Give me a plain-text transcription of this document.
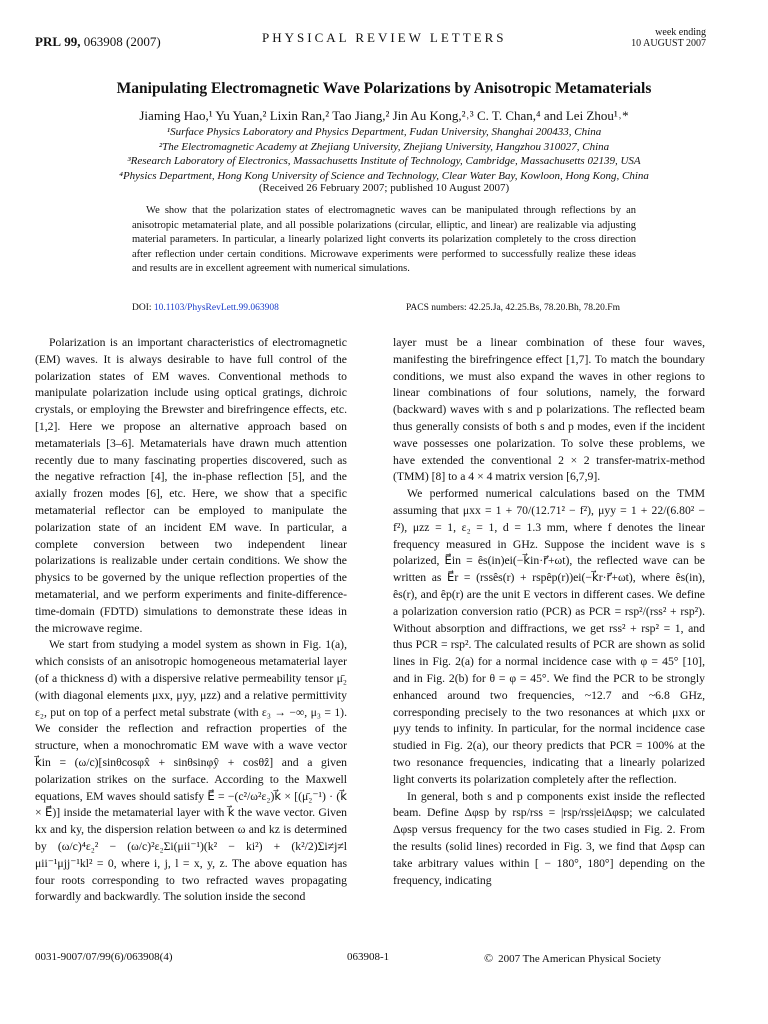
PRL 99, 063908 (2007)	PHYSICAL REVIEW LETTERS	week ending
10 AUGUST 2007
Manipulating Electromagnetic Wave Polarizations by Anisotropic Metamaterials
Jiaming Hao,¹ Yu Yuan,² Lixin Ran,² Tao Jiang,² Jin Au Kong,²˒³ C. T. Chan,⁴ and Lei Zhou¹˒*
¹Surface Physics Laboratory and Physics Department, Fudan University, Shanghai 200433, China
²The Electromagnetic Academy at Zhejiang University, Zhejiang University, Hangzhou 310027, China
³Research Laboratory of Electronics, Massachusetts Institute of Technology, Cambridge, Massachusetts 02139, USA
⁴Physics Department, Hong Kong University of Science and Technology, Clear Water Bay, Kowloon, Hong Kong, China
(Received 26 February 2007; published 10 August 2007)
We show that the polarization states of electromagnetic waves can be manipulated through reflections by an anisotropic metamaterial plate, and all possible polarizations (circular, elliptic, and linear) are realizable via adjusting material parameters. In particular, a linearly polarized light converts its polarization completely to the cross direction after reflection under certain conditions. Microwave experiments were performed to successfully realize these ideas and results are in excellent agreement with numerical simulations.
DOI: 10.1103/PhysRevLett.99.063908	PACS numbers: 42.25.Ja, 42.25.Bs, 78.20.Bh, 78.20.Fm

Polarization is an important characteristics of electromagnetic (EM) waves. It is always desirable to have full control of the polarization states of EM waves. Conventional methods to manipulate polarization include using optical gratings, dichroic crystals, or employing the Brewster and birefringence effects, etc. [1,2]. Here we propose an alternative approach based on metamaterials [3–6]. Metamaterials have drawn much attention recently due to many fascinating properties discovered, such as the negative refraction [4], the in-phase reflection [5], and the axially frozen modes [6], etc. Here, we show that a specific metamaterial reflector can be employed to manipulate the polarization state of an incident EM wave. In particular, a complete conversion between two independent linear polarizations is realizable under certain conditions. We show the physics to be governed by the unique reflection properties of the metamaterial, and we perform experiments and finite-difference-time-domain (FDTD) simulations to demonstrate these ideas in the microwave regime.

We start from studying a model system as shown in Fig. 1(a), which consists of an anisotropic homogeneous metamaterial layer (of a thickness d) with a dispersive relative permeability tensor μ̄₂ (with diagonal elements μxx, μyy, μzz) and a relative permittivity ε₂, put on top of a perfect metal substrate (with ε₃ → −∞, μ₃ = 1). We consider the reflection and refraction properties of the structure, when a monochromatic EM wave with a wave vector k⃗in = (ω/c)[sinθcosφx̂ + sinθsinφŷ + cosθẑ] and a given polarization strikes on the surface. According to the Maxwell equations, EM waves should satisfy E⃗ = −(c²/ω²ε₂)k⃗ × [(μ̄₂⁻¹) · (k⃗ × E⃗)] inside the metamaterial layer with k⃗ the wave vector. Given kx and ky, the dispersion relation between ω and kz is determined by (ω/c)⁴ε₂² − (ω/c)²ε₂Σi(μii⁻¹)(k² − ki²) + (k²/2)Σi≠j≠l μii⁻¹μjj⁻¹kl² = 0, where i, j, l = x, y, z. The above equation has four roots corresponding to two refracted waves propagating forwardly and backwardly. The solution inside the second

layer must be a linear combination of these four waves, manifesting the birefringence effect [1,7]. To match the boundary conditions, we must also expand the waves in other regions to linear combinations of four solutions, namely, the forward (backward) waves with s and p polarizations. The reflected beam thus generally consists of both s and p modes, even if the incident wave possesses one polarization. To solve these problems, we have extended the conventional 2 × 2 transfer-matrix-method (TMM) [8] to a 4 × 4 matrix version [6,7,9].

We performed numerical calculations based on the TMM assuming that μxx = 1 + 70/(12.71² − f²), μyy = 1 + 22/(6.80² − f²), μzz = 1, ε₂ = 1, d = 1.3 mm, where f denotes the linear frequency measured in GHz. Suppose the incident wave is s polarized, E⃗in = ês(in)ei(−k⃗in·r⃗+ωt), the reflected wave can be written as E⃗r = (rssês(r) + rspêp(r))ei(−k⃗r·r⃗+ωt), where ês(in), ês(r), and êp(r) are the unit E vectors in different cases. We define a polarization conversion ratio (PCR) as PCR = rsp²/(rss² + rsp²). Without absorption and diffractions, we get rss² + rsp² = 1, and thus PCR = rsp². The calculated results of PCR are shown as solid lines in Fig. 2(a) for a normal incidence case with φ = 45° [10], and in Fig. 2(b) for θ = φ = 45°. We find the PCR to be strongly enhanced around two frequencies, ~12.7 and ~6.8 GHz, corresponding precisely to the two resonances at which μxx or μyy tends to infinity. In particular, for the normal incidence case studied in Fig. 2(a), our theory predicts that PCR = 100% at the two resonance frequencies, indicating that a linearly polarized light converts its polarization completely after the reflection.

In general, both s and p components exist inside the reflected beam. Define Δφsp by rsp/rss = |rsp/rss|eiΔφsp; we calculated Δφsp versus frequency for the two cases studied in Fig. 2. From the results (solid lines) recorded in Fig. 3, we find that Δφsp can take arbitrary values within [ − 180°, 180°] depending on the frequency, indicating

0031-9007/07/99(6)/063908(4)	063908-1	© 2007 The American Physical Society
